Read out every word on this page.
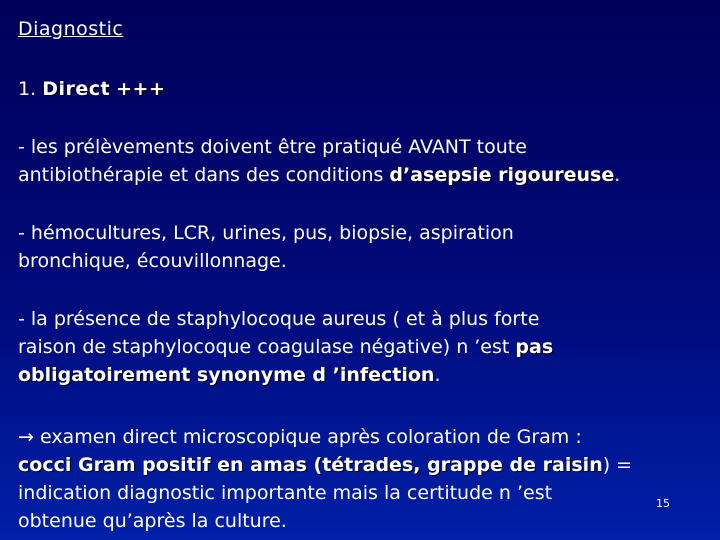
Diagnostic
1. Direct +++
- les prélèvements doivent être pratiqué AVANT toute
antibiothérapie et dans des conditions d’asepsie rigoureuse.
- hémocultures, LCR, urines, pus, biopsie, aspiration
bronchique, écouvillonnage.
- la présence de staphylocoque aureus ( et à plus forte
raison de staphylocoque coagulase négative) n ’est pas
obligatoirement synonyme d ’infection.
→ examen direct microscopique après coloration de Gram :
cocci Gram positif en amas (tétrades, grappe de raisin) =
indication diagnostic importante mais la certitude n ’est
obtenue qu’après la culture.
15
